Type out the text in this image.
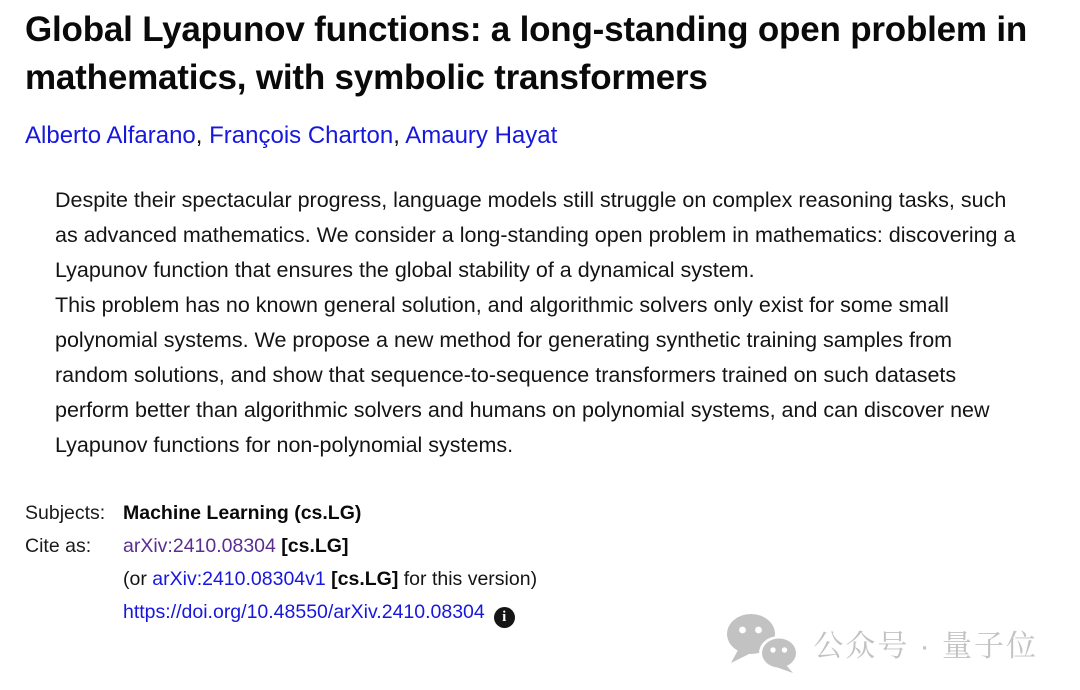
Global Lyapunov functions: a long-standing open problem in mathematics, with symbolic transformers
Alberto Alfarano, François Charton, Amaury Hayat

Despite their spectacular progress, language models still struggle on complex reasoning tasks, such as advanced mathematics. We consider a long-standing open problem in mathematics: discovering a Lyapunov function that ensures the global stability of a dynamical system.

This problem has no known general solution, and algorithmic solvers only exist for some small polynomial systems. We propose a new method for generating synthetic training samples from random solutions, and show that sequence-to-sequence transformers trained on such datasets perform better than algorithmic solvers and humans on polynomial systems, and can discover new Lyapunov functions for non-polynomial systems.

Subjects: Machine Learning (cs.LG)
Cite as:	arXiv:2410.08304 [cs.LG]
(or arXiv:2410.08304v1 [cs.LG] for this version)
https://doi.org/10.48550/arXiv.2410.08304 i
公众号 · 量子位
